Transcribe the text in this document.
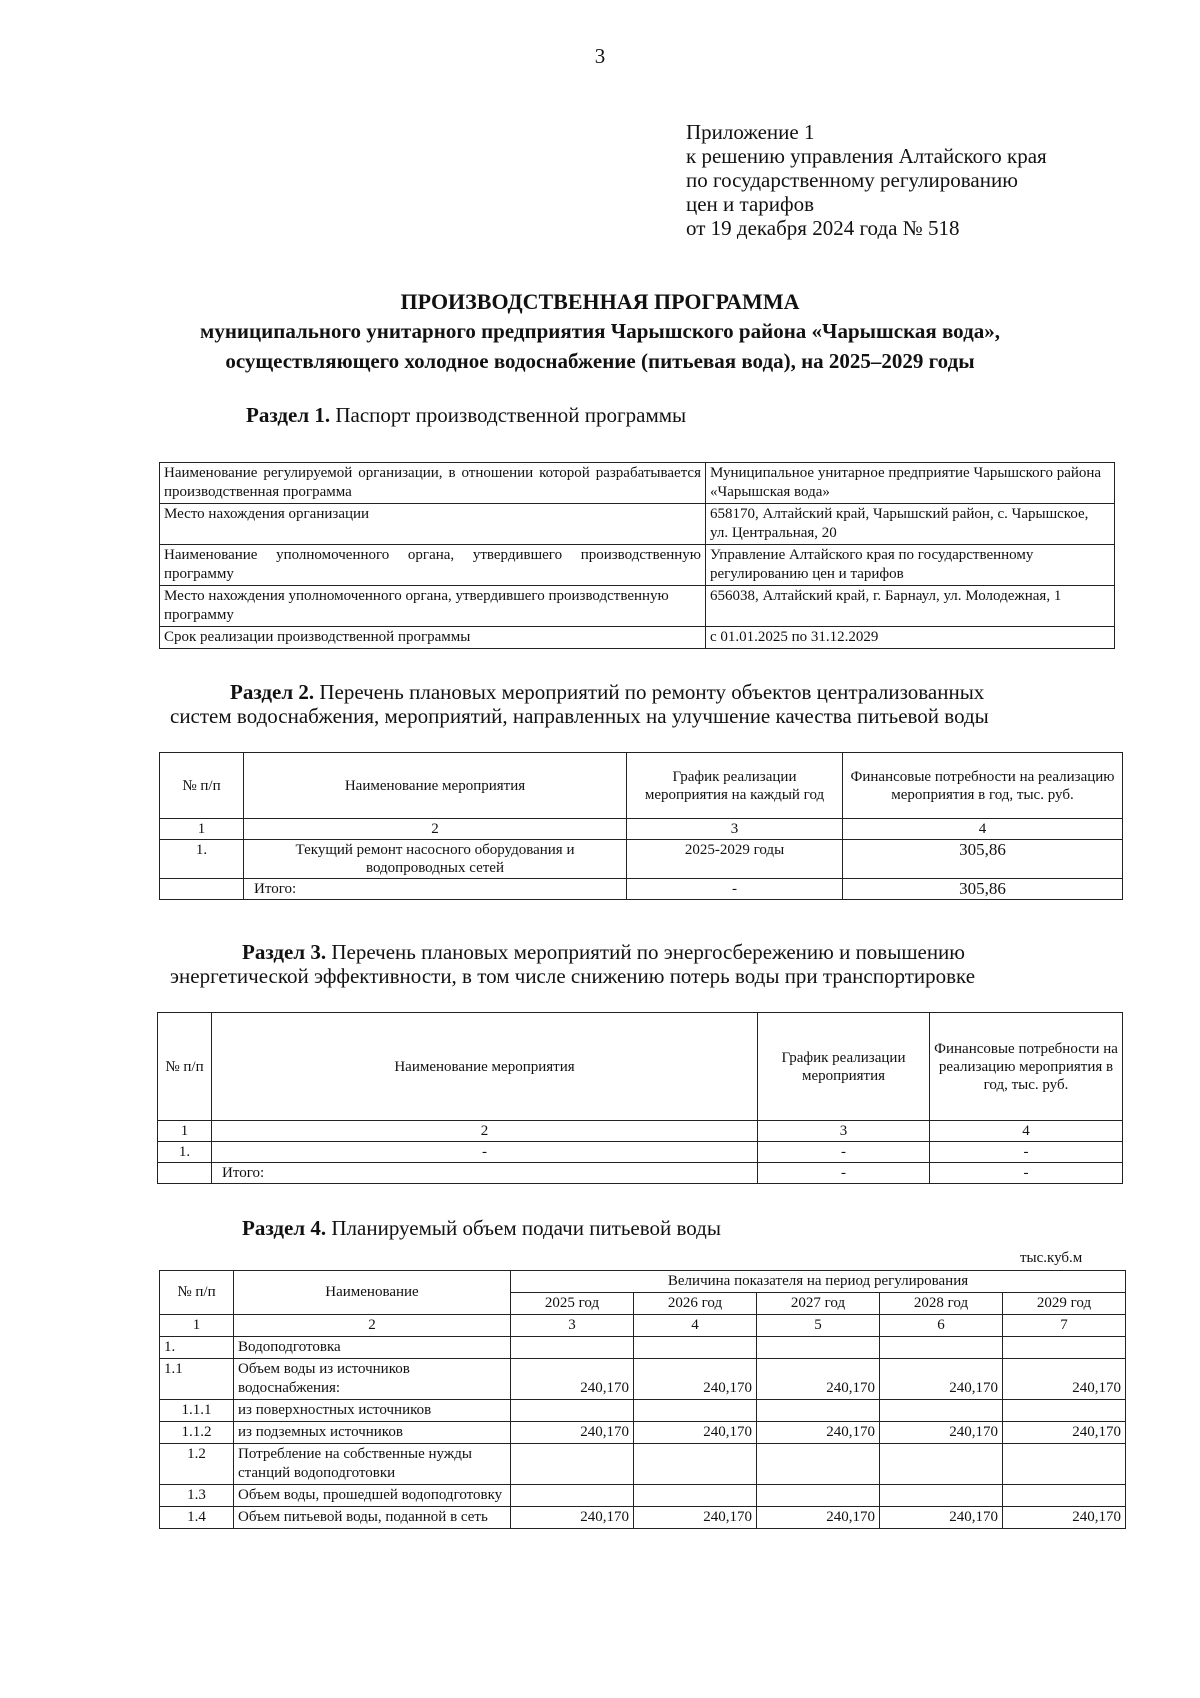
3
Приложение 1
к решению управления Алтайского края
по государственному регулированию
цен и тарифов
от 19 декабря 2024 года № 518
ПРОИЗВОДСТВЕННАЯ ПРОГРАММА
муниципального унитарного предприятия Чарышского района «Чарышская вода»,
осуществляющего холодное водоснабжение (питьевая вода), на 2025–2029 годы
Раздел 1. Паспорт производственной программы
Наименование регулируемой организации, в отношении которой разрабатывается производственная программа	Муниципальное унитарное предприятие Чарышского района «Чарышская вода»
Место нахождения организации	658170, Алтайский край, Чарышский район, с. Чарышское, ул. Центральная, 20
Наименование уполномоченного органа, утвердившего производственную программу	Управление Алтайского края по государственному регулированию цен и тарифов
Место нахождения уполномоченного органа, утвердившего производственную программу	656038, Алтайский край, г. Барнаул, ул. Молодежная, 1
Срок реализации производственной программы	с 01.01.2025 по 31.12.2029
Раздел 2. Перечень плановых мероприятий по ремонту объектов централизованных
систем водоснабжения, мероприятий, направленных на улучшение качества питьевой воды
№ п/п	Наименование мероприятия	График реализации мероприятия на каждый год	Финансовые потребности на реализацию мероприятия в год, тыс. руб.
1	2	3	4
1.	Текущий ремонт насосного оборудования и водопроводных сетей	2025-2029 годы	305,86
	Итого:	-	305,86
Раздел 3. Перечень плановых мероприятий по энергосбережению и повышению
энергетической эффективности, в том числе снижению потерь воды при транспортировке
№ п/п	Наименование мероприятия	График реализации мероприятия	Финансовые потребности на реализацию мероприятия в год, тыс. руб.
1	2	3	4
1.	-	-	-
	Итого:	-	-
Раздел 4. Планируемый объем подачи питьевой воды
тыс.куб.м
№ п/п	Наименование	Величина показателя на период регулирования				
		2025 год	2026 год	2027 год	2028 год	2029 год
1	2	3	4	5	6	7
1.	Водоподготовка					
1.1	Объем воды из источников водоснабжения:	240,170	240,170	240,170	240,170	240,170
1.1.1	из поверхностных источников					
1.1.2	из подземных источников	240,170	240,170	240,170	240,170	240,170
1.2	Потребление на собственные нужды станций водоподготовки					
1.3	Объем воды, прошедшей водоподготовку					
1.4	Объем питьевой воды, поданной в сеть	240,170	240,170	240,170	240,170	240,170
